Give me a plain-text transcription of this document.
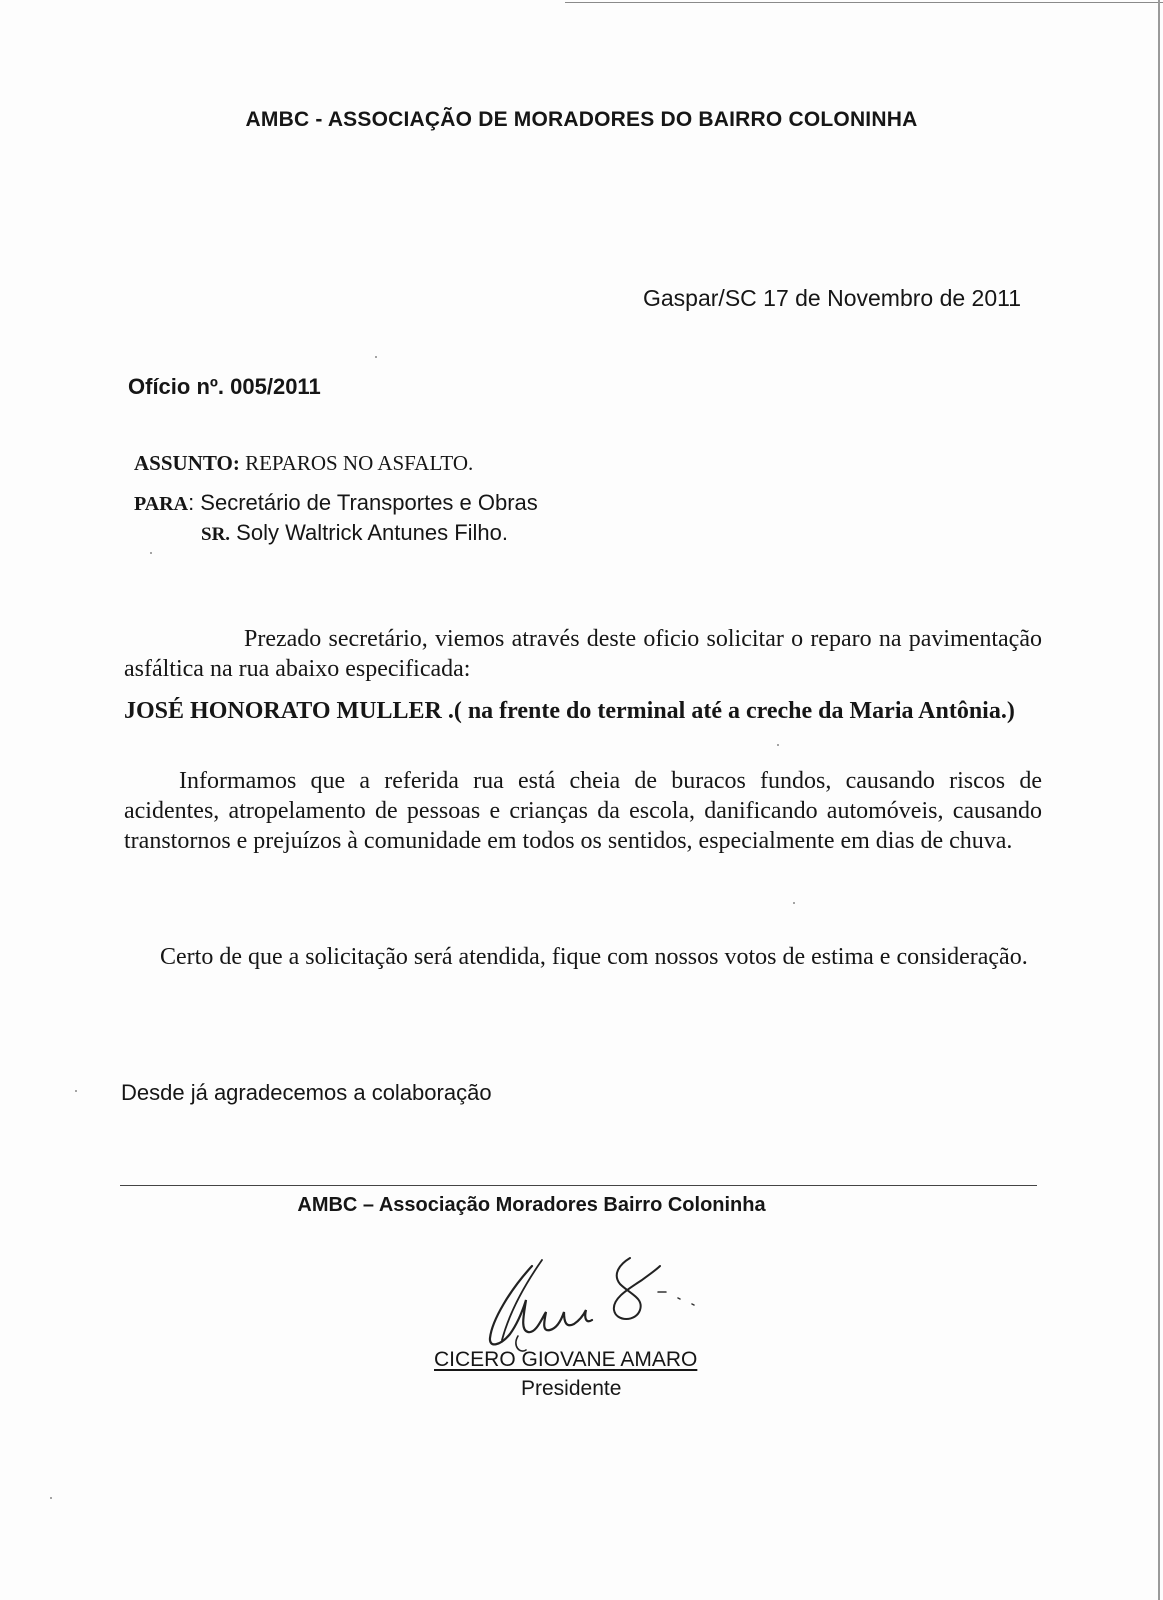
AMBC - ASSOCIAÇÃO DE MORADORES DO BAIRRO COLONINHA

Gaspar/SC 17 de Novembro de 2011

Ofício nº. 005/2011

ASSUNTO: REPAROS NO ASFALTO.

PARA: Secretário de Transportes e Obras

SR. Soly Waltrick Antunes Filho.

Prezado secretário, viemos através deste oficio solicitar o reparo na pavimentação asfáltica na rua abaixo especificada:

JOSÉ HONORATO MULLER .( na frente do terminal até a creche da Maria Antônia.)

Informamos que a referida rua está cheia de buracos fundos, causando riscos de acidentes, atropelamento de pessoas e crianças da escola, danificando automóveis, causando transtornos e prejuízos à comunidade em todos os sentidos, especialmente em dias de chuva.

Certo de que a solicitação será atendida, fique com nossos votos de estima e consideração.

Desde já agradecemos a colaboração

AMBC – Associação Moradores Bairro Coloninha

CICERO GIOVANE AMARO

Presidente
